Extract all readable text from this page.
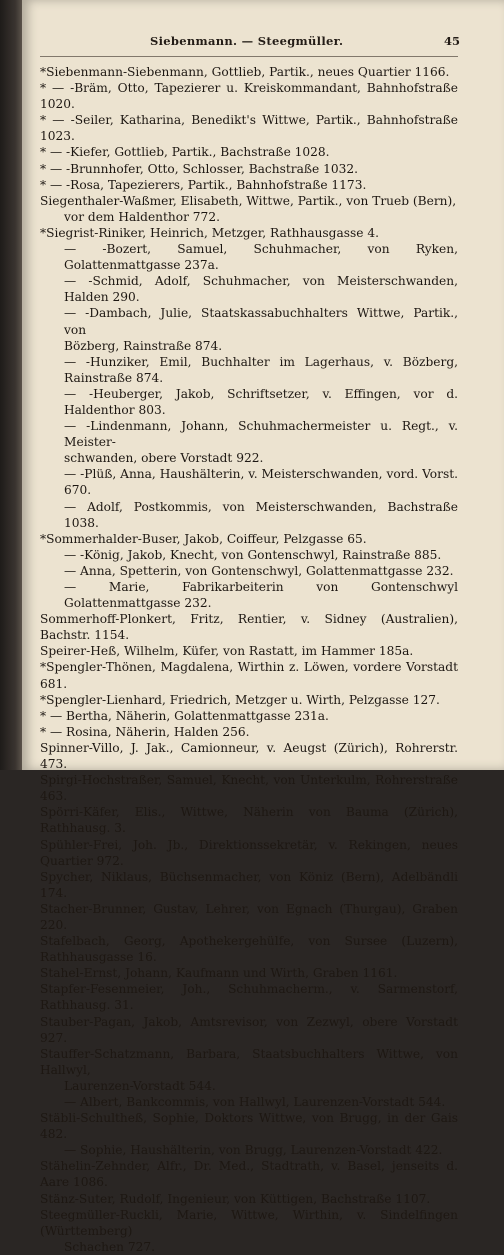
Siebenmann. — Steegmüller.	45
*Siebenmann-Siebenmann, Gottlieb, Partik., neues Quartier 1166.
* — -Bräm, Otto, Tapezierer u. Kreiskommandant, Bahnhofstraße 1020.
* — -Seiler, Katharina, Benedikt's Wittwe, Partik., Bahnhofstraße 1023.
* — -Kiefer, Gottlieb, Partik., Bachstraße 1028.
* — -Brunnhofer, Otto, Schlosser, Bachstraße 1032.
* — -Rosa, Tapezierers, Partik., Bahnhofstraße 1173.
Siegenthaler-Waßmer, Elisabeth, Wittwe, Partik., von Trueb (Bern),
vor dem Haldenthor 772.
*Siegrist-Riniker, Heinrich, Metzger, Rathhausgasse 4.
— -Bozert, Samuel, Schuhmacher, von Ryken, Golattenmattgasse 237a.
— -Schmid, Adolf, Schuhmacher, von Meisterschwanden, Halden 290.
— -Dambach, Julie, Staatskassabuchhalters Wittwe, Partik., von
Bözberg, Rainstraße 874.
— -Hunziker, Emil, Buchhalter im Lagerhaus, v. Bözberg, Rainstraße 874.
— -Heuberger, Jakob, Schriftsetzer, v. Effingen, vor d. Haldenthor 803.
— -Lindenmann, Johann, Schuhmachermeister u. Regt., v. Meister-
schwanden, obere Vorstadt 922.
— -Plüß, Anna, Haushälterin, v. Meisterschwanden, vord. Vorst. 670.
— Adolf, Postkommis, von Meisterschwanden, Bachstraße 1038.
*Sommerhalder-Buser, Jakob, Coiffeur, Pelzgasse 65.
— -König, Jakob, Knecht, von Gontenschwyl, Rainstraße 885.
— Anna, Spetterin, von Gontenschwyl, Golattenmattgasse 232.
— Marie, Fabrikarbeiterin von Gontenschwyl Golattenmattgasse 232.
Sommerhoff-Plonkert, Fritz, Rentier, v. Sidney (Australien), Bachstr. 1154.
Speirer-Heß, Wilhelm, Küfer, von Rastatt, im Hammer 185a.
*Spengler-Thönen, Magdalena, Wirthin z. Löwen, vordere Vorstadt 681.
*Spengler-Lienhard, Friedrich, Metzger u. Wirth, Pelzgasse 127.
* — Bertha, Näherin, Golattenmattgasse 231a.
* — Rosina, Näherin, Halden 256.
Spinner-Villo, J. Jak., Camionneur, v. Aeugst (Zürich), Rohrerstr. 473.
Spirgi-Hochstraßer, Samuel, Knecht, von Unterkulm, Rohrerstraße 463.
Spörri-Käfer, Elis., Wittwe, Näherin von Bauma (Zürich), Rathhausg. 3.
Spühler-Frei, Joh. Jb., Direktionssekretär, v. Rekingen, neues Quartier 972.
Spycher, Niklaus, Büchsenmacher, von Köniz (Bern), Adelbändli 174.
Stacher-Brunner, Gustav, Lehrer, von Egnach (Thurgau), Graben 220.
Stafelbach, Georg, Apothekergehülfe, von Sursee (Luzern), Rathhausgasse 16.
Stahel-Ernst, Johann, Kaufmann und Wirth, Graben 1161.
Stapfer-Fesenmeier, Joh., Schuhmacherm., v. Sarmenstorf, Rathhausg. 31.
Stauber-Pagan, Jakob, Amtsrevisor, von Zezwyl, obere Vorstadt 927.
Stauffer-Schatzmann, Barbara, Staatsbuchhalters Wittwe, von Hallwyl,
Laurenzen-Vorstadt 544.
— Albert, Bankcommis, von Hallwyl, Laurenzen-Vorstadt 544.
Stäbli-Schultheß, Sophie, Doktors Wittwe, von Brugg, in der Gais 482.
— Sophie, Haushälterin, von Brugg, Laurenzen-Vorstadt 422.
Stähelin-Zehnder, Alfr., Dr. Med., Stadtrath, v. Basel, jenseits d. Aare 1086.
Stänz-Suter, Rudolf, Ingenieur, von Küttigen, Bachstraße 1107.
Steegmüller-Ruckli, Marie, Wittwe, Wirthin, v. Sindelfingen (Württemberg)
Schachen 727.
